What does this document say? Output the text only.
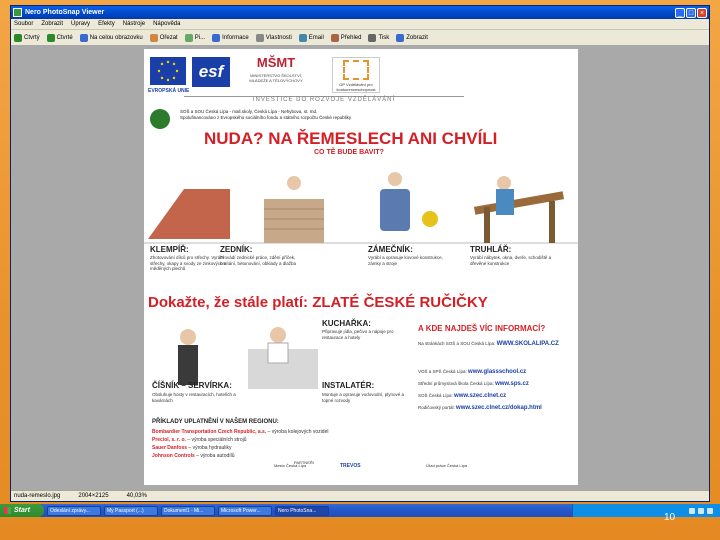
Nero PhotoSnap Viewer	_ □ ×
Soubor Zobrazit Úpravy Efekty Nástroje Nápověda
Ctvrtý	Ctvrté	Na celou obrazovku	Ořezat	Pi...	Informace	Vlastnosti	Email	Přehled	Tisk	Zobrazit
EVROPSKÁ UNIE
esf	MŠMT
MINISTERSTVO ŠKOLSTVÍ, MLÁDEŽE A TĚLOVÝCHOVY
OP Vzdělávání pro konkurenceschopnost
INVESTICE DO ROZVOJE VZDĚLÁVÁNÍ
SOŠ a SOU Česká Lípa - mall.skoly, Česká Lípa - Nehybova, st. Ind.
Spolufinancováno z Evropského sociálního fondu a státního rozpočtu České republiky
NUDA? NA ŘEMESLECH ANI CHVÍLI
CO TĚ BUDE BAVIT?
KLEMPÍŘ:
Zhotovování dílců pro střechy. Vyrábí střechy, okapy a svody ze zinkových a měděných plechů
ZEDNÍK:
Provádí zednické práce, zdění příček, omítání, betonování, obklady a dlažba
ZÁMEČNÍK:
Vyrábí a opravuje kovové konstrukce, zámky a stroje
TRUHLÁŘ:
Vyrábí nábytek, okna, dveře, schodiště a dřevěné konstrukce
Dokažte, že stále platí: ZLATÉ ČESKÉ RUČIČKY
KUCHAŘKA:
Připravuje jídla, pečivo a nápoje pro restaurace a hotely
ČÍŠNÍK – SERVÍRKA:
Obsluhuje hosty v restauracích, hotelích a kavárnách
INSTALATÉR:
Montuje a opravuje vodovodní, plynové a topné rozvody
A KDE NAJDEŠ VÍC INFORMACÍ?
Na stránkách SOŠ a SOU Česká Lípa: WWW.SKOLALIPA.CZ
VOŠ a SPŠ Česká Lípa: www.glassschool.cz
Střední průmyslová škola Česká Lípa: www.sps.cz
SOŠ Česká Lípa: www.szec.clnet.cz
Rodičovský portál: www.szec.clnet.cz/dokap.html
PŘÍKLADY UPLATNĚNÍ V NAŠEM REGIONU:
Bombardier Transportation Czech Republic, a.s. – výroba kolejových vozidel
Preciol, s. r. o. – výroba speciálních strojů
Sauer Danfoss – výroba hydrauliky
Johnson Controls – výroba autodílů
PARTNEŘI
Mesto Česká Lípa	TREVOS	Úřad práce Česká Lípa
nuda-remeslo.jpg	2004×2125	40,03%
Start	Odeslání zprávy...	My Passport (...)	Dokument1 - Mi...	Microsoft Power...	Nero PhotoSna...
10
